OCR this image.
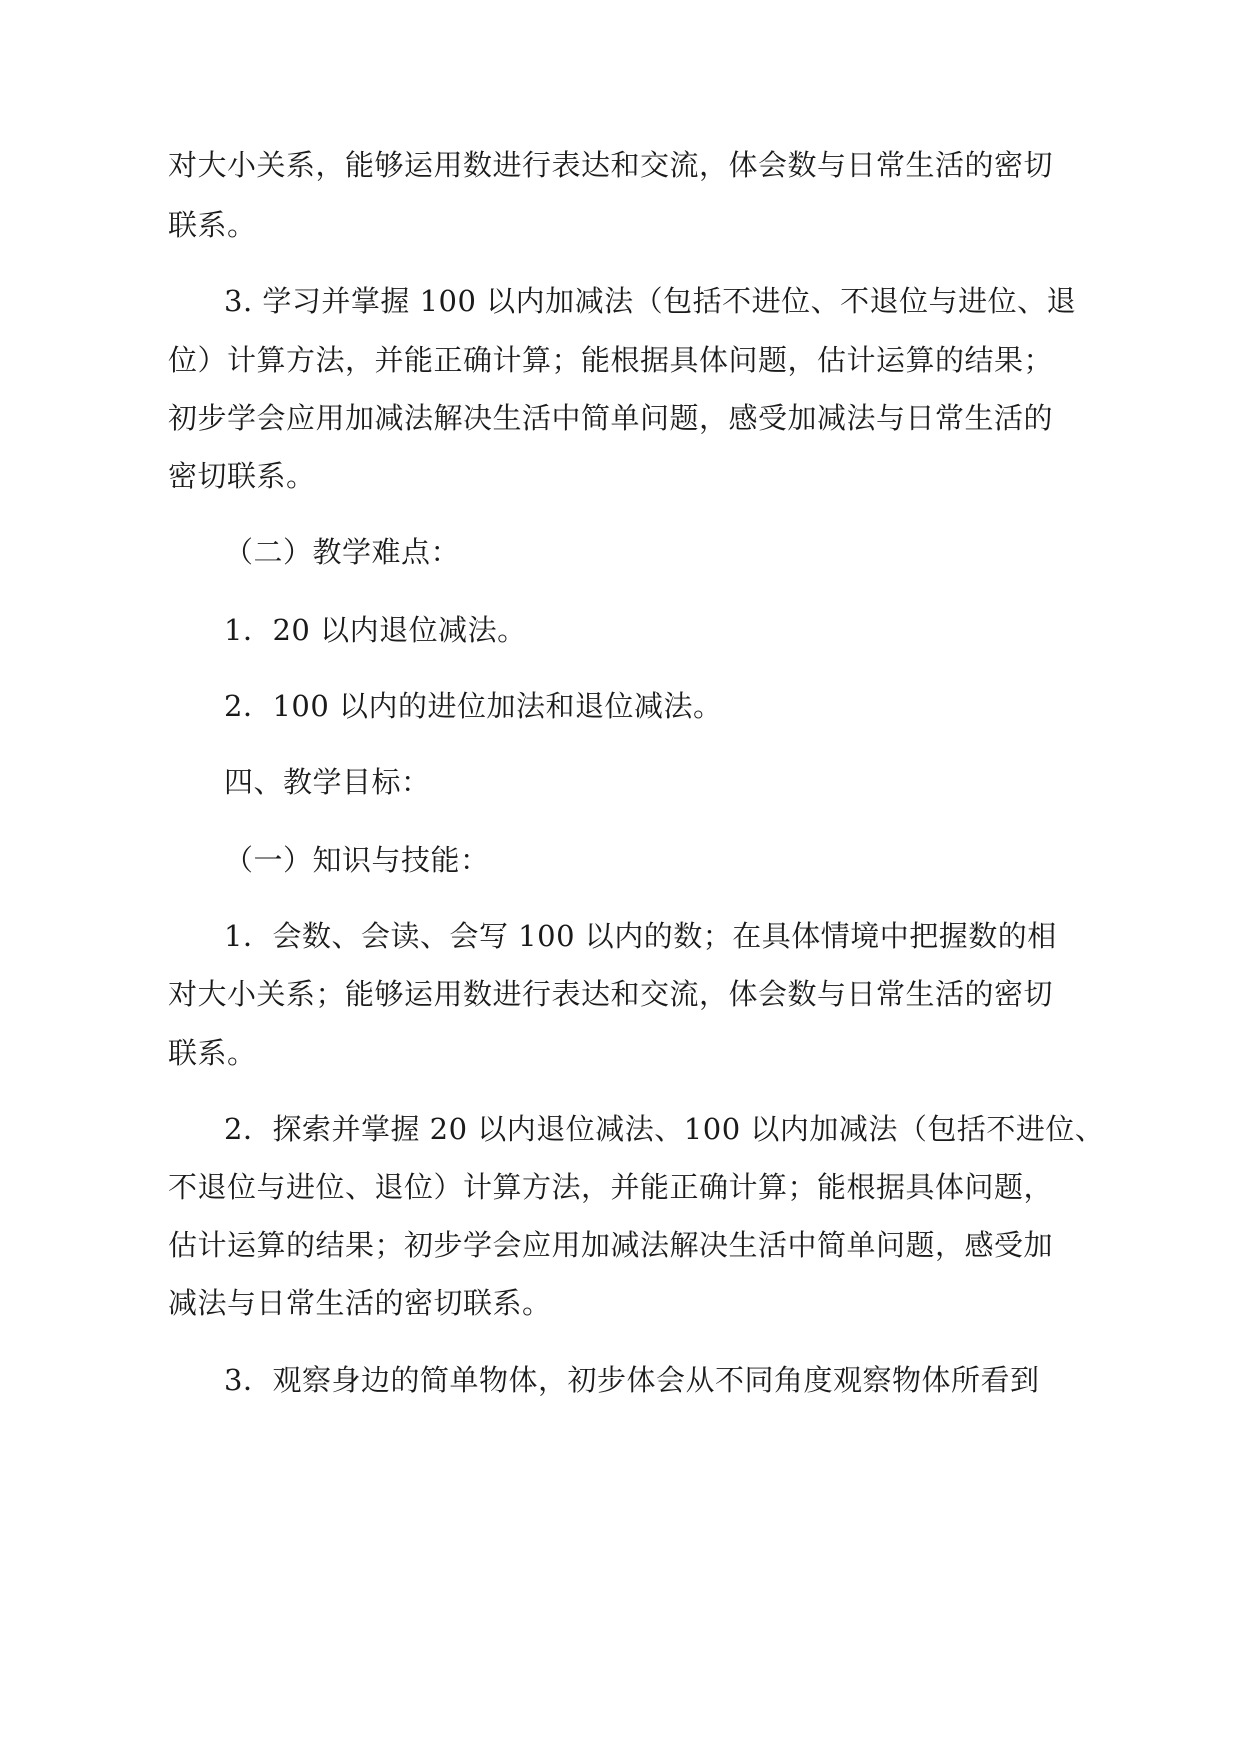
对大小关系，能够运用数进行表达和交流，体会数与日常生活的密切
联系。
3. 学习并掌握 100 以内加减法（包括不进位、不退位与进位、退
位）计算方法，并能正确计算；能根据具体问题，估计运算的结果；
初步学会应用加减法解决生活中简单问题，感受加减法与日常生活的
密切联系。
（二）教学难点：
1．20 以内退位减法。
2．100 以内的进位加法和退位减法。
四、教学目标：
（一）知识与技能：
1．会数、会读、会写 100 以内的数；在具体情境中把握数的相
对大小关系；能够运用数进行表达和交流，体会数与日常生活的密切
联系。
2．探索并掌握 20 以内退位减法、100 以内加减法（包括不进位、
不退位与进位、退位）计算方法，并能正确计算；能根据具体问题，
估计运算的结果；初步学会应用加减法解决生活中简单问题，感受加
减法与日常生活的密切联系。
3．观察身边的简单物体，初步体会从不同角度观察物体所看到
